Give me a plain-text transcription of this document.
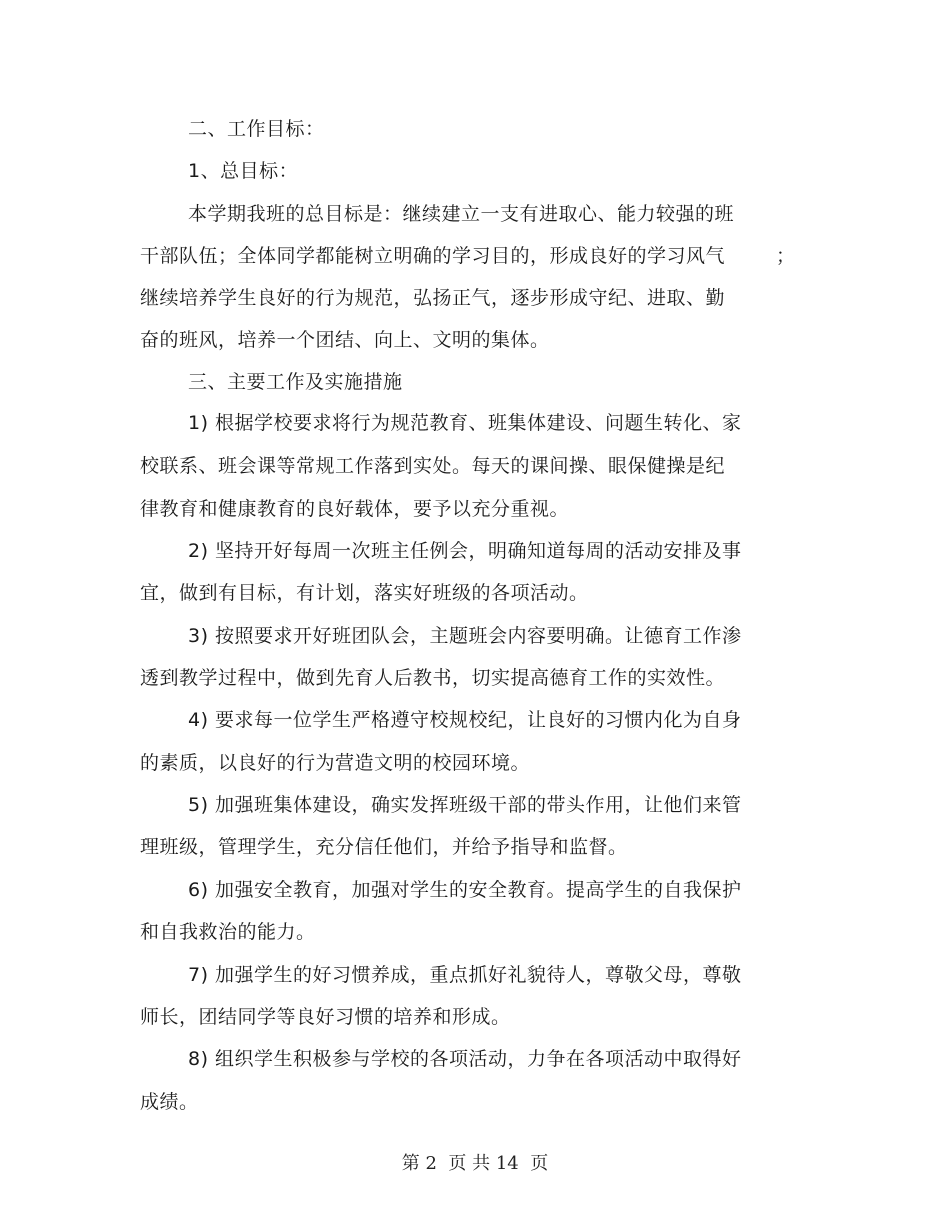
二、工作目标：
1、总目标：
本学期我班的总目标是：继续建立一支有进取心、能力较强的班
干部队伍；全体同学都能树立明确的学习目的，形成良好的学习风气	；
继续培养学生良好的行为规范，弘扬正气，逐步形成守纪、进取、勤
奋的班风，培养一个团结、向上、文明的集体。
三、主要工作及实施措施
1) 根据学校要求将行为规范教育、班集体建设、问题生转化、家
校联系、班会课等常规工作落到实处。每天的课间操、眼保健操是纪
律教育和健康教育的良好载体，要予以充分重视。
2) 坚持开好每周一次班主任例会，明确知道每周的活动安排及事
宜，做到有目标，有计划，落实好班级的各项活动。
3) 按照要求开好班团队会，主题班会内容要明确。让德育工作渗
透到教学过程中，做到先育人后教书，切实提高德育工作的实效性。
4) 要求每一位学生严格遵守校规校纪，让良好的习惯内化为自身
的素质，以良好的行为营造文明的校园环境。
5) 加强班集体建设，确实发挥班级干部的带头作用，让他们来管
理班级，管理学生，充分信任他们，并给予指导和监督。
6) 加强安全教育，加强对学生的安全教育。提高学生的自我保护
和自我救治的能力。
7) 加强学生的好习惯养成，重点抓好礼貌待人，尊敬父母，尊敬
师长，团结同学等良好习惯的培养和形成。
8) 组织学生积极参与学校的各项活动，力争在各项活动中取得好
成绩。
第 2  页 共 14  页
